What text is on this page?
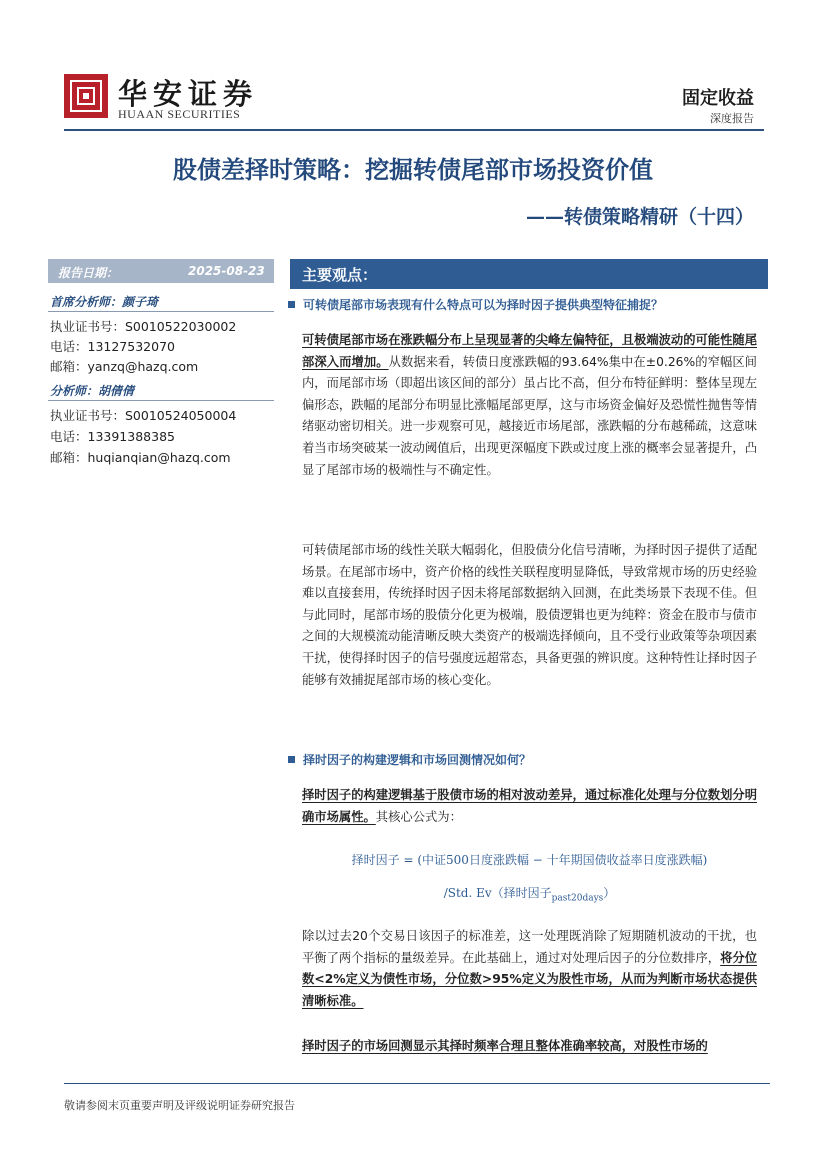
华安证券
HUAAN SECURITIES
固定收益
深度报告
股债差择时策略：挖掘转债尾部市场投资价值
——转债策略精研（十四）
报告日期：	2025-08-23
首席分析师：颜子琦
执业证书号：S0010522030002
电话：13127532070
邮箱：yanzq@hazq.com
分析师：胡倩倩
执业证书号：S0010524050004
电话：13391388385
邮箱：huqianqian@hazq.com
主要观点：
可转债尾部市场表现有什么特点可以为择时因子提供典型特征捕捉？
可转债尾部市场在涨跌幅分布上呈现显著的尖峰左偏特征，且极端波动的可能性随尾部深入而增加。从数据来看，转债日度涨跌幅的93.64%集中在±0.26%的窄幅区间内，而尾部市场（即超出该区间的部分）虽占比不高，但分布特征鲜明：整体呈现左偏形态，跌幅的尾部分布明显比涨幅尾部更厚，这与市场资金偏好及恐慌性抛售等情绪驱动密切相关。进一步观察可见，越接近市场尾部，涨跌幅的分布越稀疏，这意味着当市场突破某一波动阈值后，出现更深幅度下跌或过度上涨的概率会显著提升，凸显了尾部市场的极端性与不确定性。
可转债尾部市场的线性关联大幅弱化，但股债分化信号清晰，为择时因子提供了适配场景。在尾部市场中，资产价格的线性关联程度明显降低，导致常规市场的历史经验难以直接套用，传统择时因子因未将尾部数据纳入回测，在此类场景下表现不佳。但与此同时，尾部市场的股债分化更为极端，股债逻辑也更为纯粹：资金在股市与债市之间的大规模流动能清晰反映大类资产的极端选择倾向，且不受行业政策等杂项因素干扰，使得择时因子的信号强度远超常态，具备更强的辨识度。这种特性让择时因子能够有效捕捉尾部市场的核心变化。
择时因子的构建逻辑和市场回测情况如何？
择时因子的构建逻辑基于股债市场的相对波动差异，通过标准化处理与分位数划分明确市场属性。其核心公式为：
择时因子 = (中证500日度涨跌幅 − 十年期国债收益率日度涨跌幅)
/Std. Ev（择时因子$_{past20days}$）
除以过去20个交易日该因子的标准差，这一处理既消除了短期随机波动的干扰，也平衡了两个指标的量级差异。在此基础上，通过对处理后因子的分位数排序，将分位数<2%定义为债性市场，分位数>95%定义为股性市场，从而为判断市场状态提供清晰标准。
择时因子的市场回测显示其择时频率合理且整体准确率较高，对股性市场的
敬请参阅末页重要声明及评级说明证券研究报告
